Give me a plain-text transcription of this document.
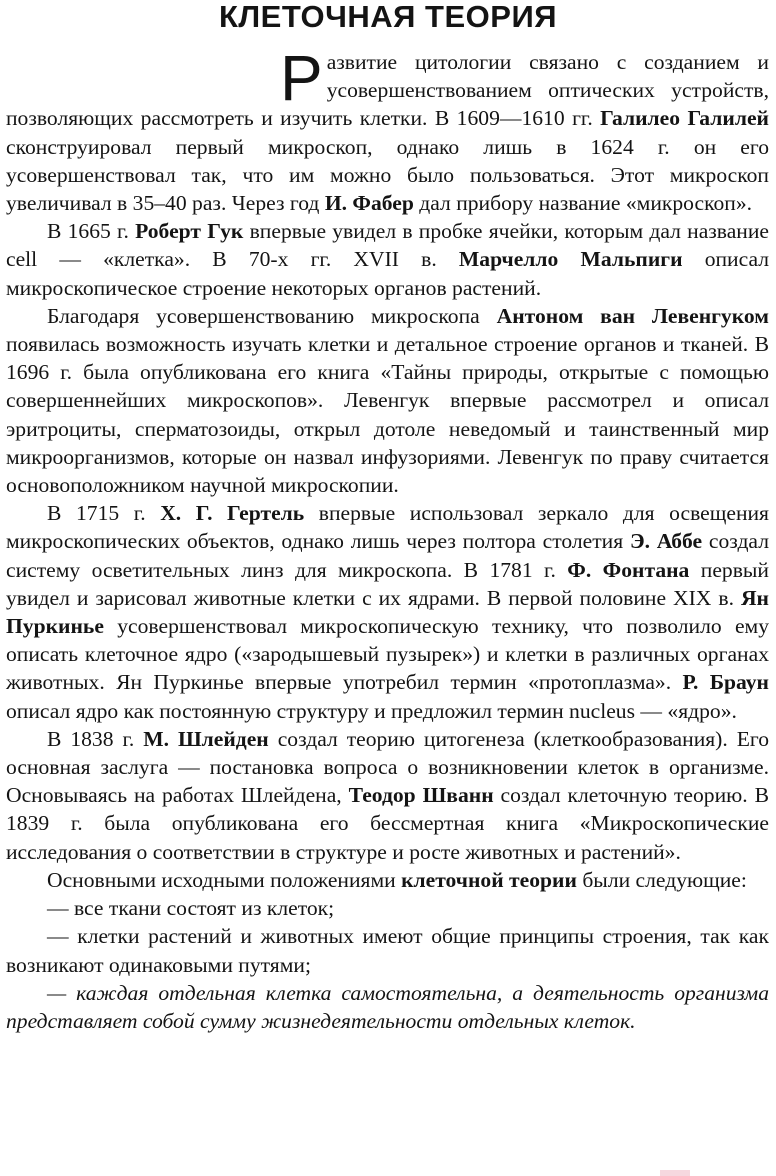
КЛЕТОЧНАЯ ТЕОРИЯ

Развитие цитологии связано с созданием и усовершенствованием оптических устройств, позволяющих рассмотреть и изучить клетки. В 1609—1610 гг. Галилео Галилей сконструировал первый микроскоп, однако лишь в 1624 г. он его усовершенствовал так, что им можно было пользоваться. Этот микроскоп увеличивал в 35–40 раз. Через год И. Фабер дал прибору название «микроскоп».

В 1665 г. Роберт Гук впервые увидел в пробке ячейки, которым дал название cell — «клетка». В 70-х гг. XVII в. Марчелло Мальпиги описал микроскопическое строение некоторых органов растений.

Благодаря усовершенствованию микроскопа Антоном ван Левенгуком появилась возможность изучать клетки и детальное строение органов и тканей. В 1696 г. была опубликована его книга «Тайны природы, открытые с помощью совершеннейших микроскопов». Левенгук впервые рассмотрел и описал эритроциты, сперматозоиды, открыл дотоле неведомый и таинственный мир микроорганизмов, которые он назвал инфузориями. Левенгук по праву считается основоположником научной микроскопии.

В 1715 г. Х. Г. Гертель впервые использовал зеркало для освещения микроскопических объектов, однако лишь через полтора столетия Э. Аббе создал систему осветительных линз для микроскопа. В 1781 г. Ф. Фонтана первый увидел и зарисовал животные клетки с их ядрами. В первой половине XIX в. Ян Пуркинье усовершенствовал микроскопическую технику, что позволило ему описать клеточное ядро («зародышевый пузырек») и клетки в различных органах животных. Ян Пуркинье впервые употребил термин «протоплазма». Р. Браун описал ядро как постоянную структуру и предложил термин nucleus — «ядро».

В 1838 г. М. Шлейден создал теорию цитогенеза (клеткообразования). Его основная заслуга — постановка вопроса о возникновении клеток в организме. Основываясь на работах Шлейдена, Теодор Шванн создал клеточную теорию. В 1839 г. была опубликована его бессмертная книга «Микроскопические исследования о соответствии в структуре и росте животных и растений».

Основными исходными положениями клеточной теории были следующие:

— все ткани состоят из клеток;

— клетки растений и животных имеют общие принципы строения, так как возникают одинаковыми путями;

— каждая отдельная клетка самостоятельна, а деятельность организма представляет собой сумму жизнедеятельности отдельных клеток.
